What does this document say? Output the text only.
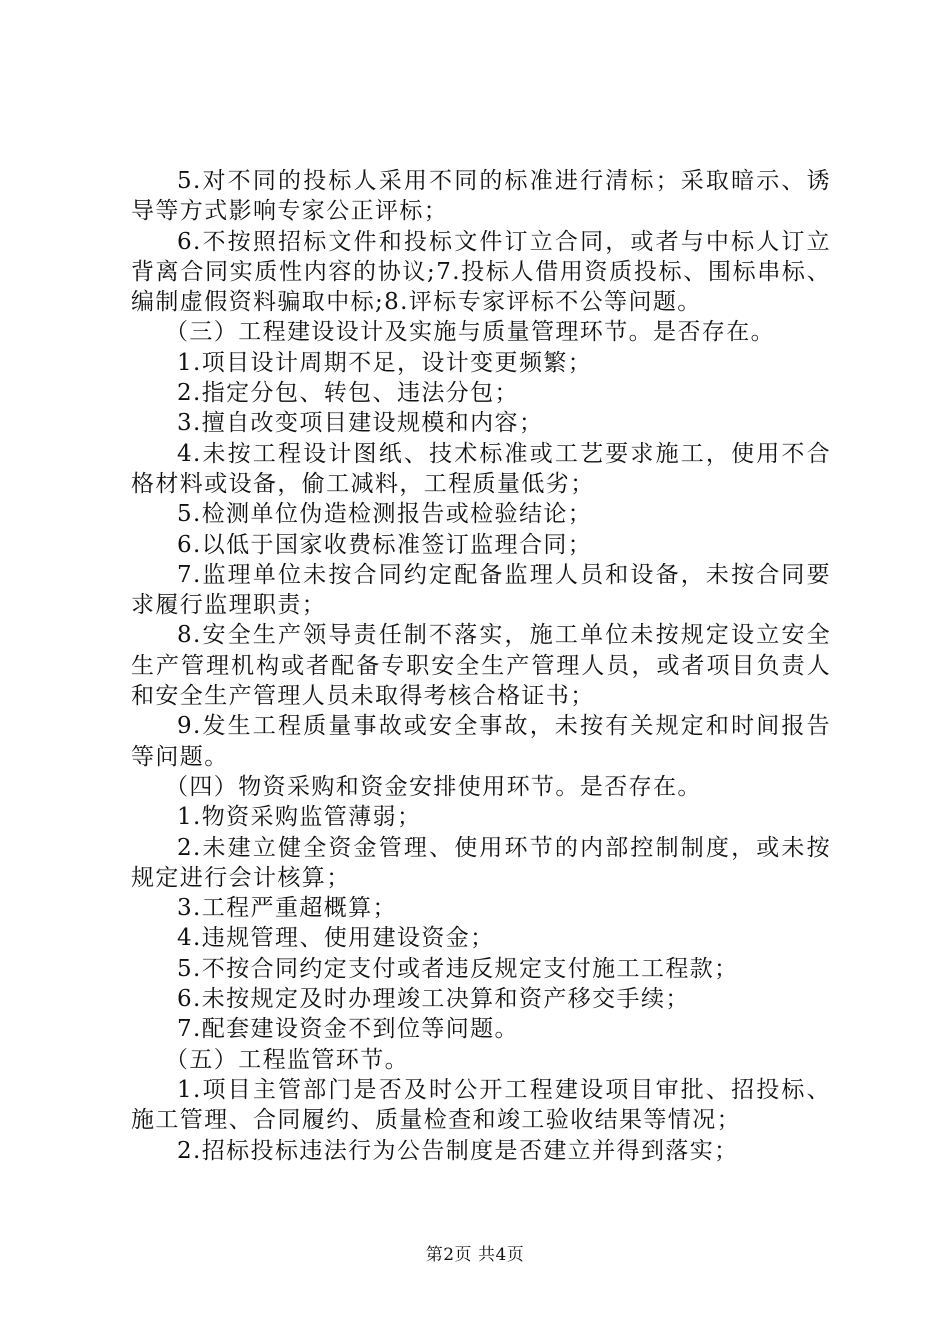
5.对不同的投标人采用不同的标准进行清标；采取暗示、诱导等方式影响专家公正评标；

6.不按照招标文件和投标文件订立合同，或者与中标人订立背离合同实质性内容的协议;7.投标人借用资质投标、围标串标、编制虚假资料骗取中标;8.评标专家评标不公等问题。

（三）工程建设设计及实施与质量管理环节。是否存在。

1.项目设计周期不足，设计变更频繁；

2.指定分包、转包、违法分包；

3.擅自改变项目建设规模和内容；

4.未按工程设计图纸、技术标准或工艺要求施工，使用不合格材料或设备，偷工减料，工程质量低劣；

5.检测单位伪造检测报告或检验结论；

6.以低于国家收费标准签订监理合同；

7.监理单位未按合同约定配备监理人员和设备，未按合同要求履行监理职责；

8.安全生产领导责任制不落实，施工单位未按规定设立安全生产管理机构或者配备专职安全生产管理人员，或者项目负责人和安全生产管理人员未取得考核合格证书；

9.发生工程质量事故或安全事故，未按有关规定和时间报告等问题。

（四）物资采购和资金安排使用环节。是否存在。

1.物资采购监管薄弱；

2.未建立健全资金管理、使用环节的内部控制制度，或未按规定进行会计核算；

3.工程严重超概算；

4.违规管理、使用建设资金；

5.不按合同约定支付或者违反规定支付施工工程款；

6.未按规定及时办理竣工决算和资产移交手续；

7.配套建设资金不到位等问题。

（五）工程监管环节。

1.项目主管部门是否及时公开工程建设项目审批、招投标、施工管理、合同履约、质量检查和竣工验收结果等情况；

2.招标投标违法行为公告制度是否建立并得到落实；

第2页 共4页
